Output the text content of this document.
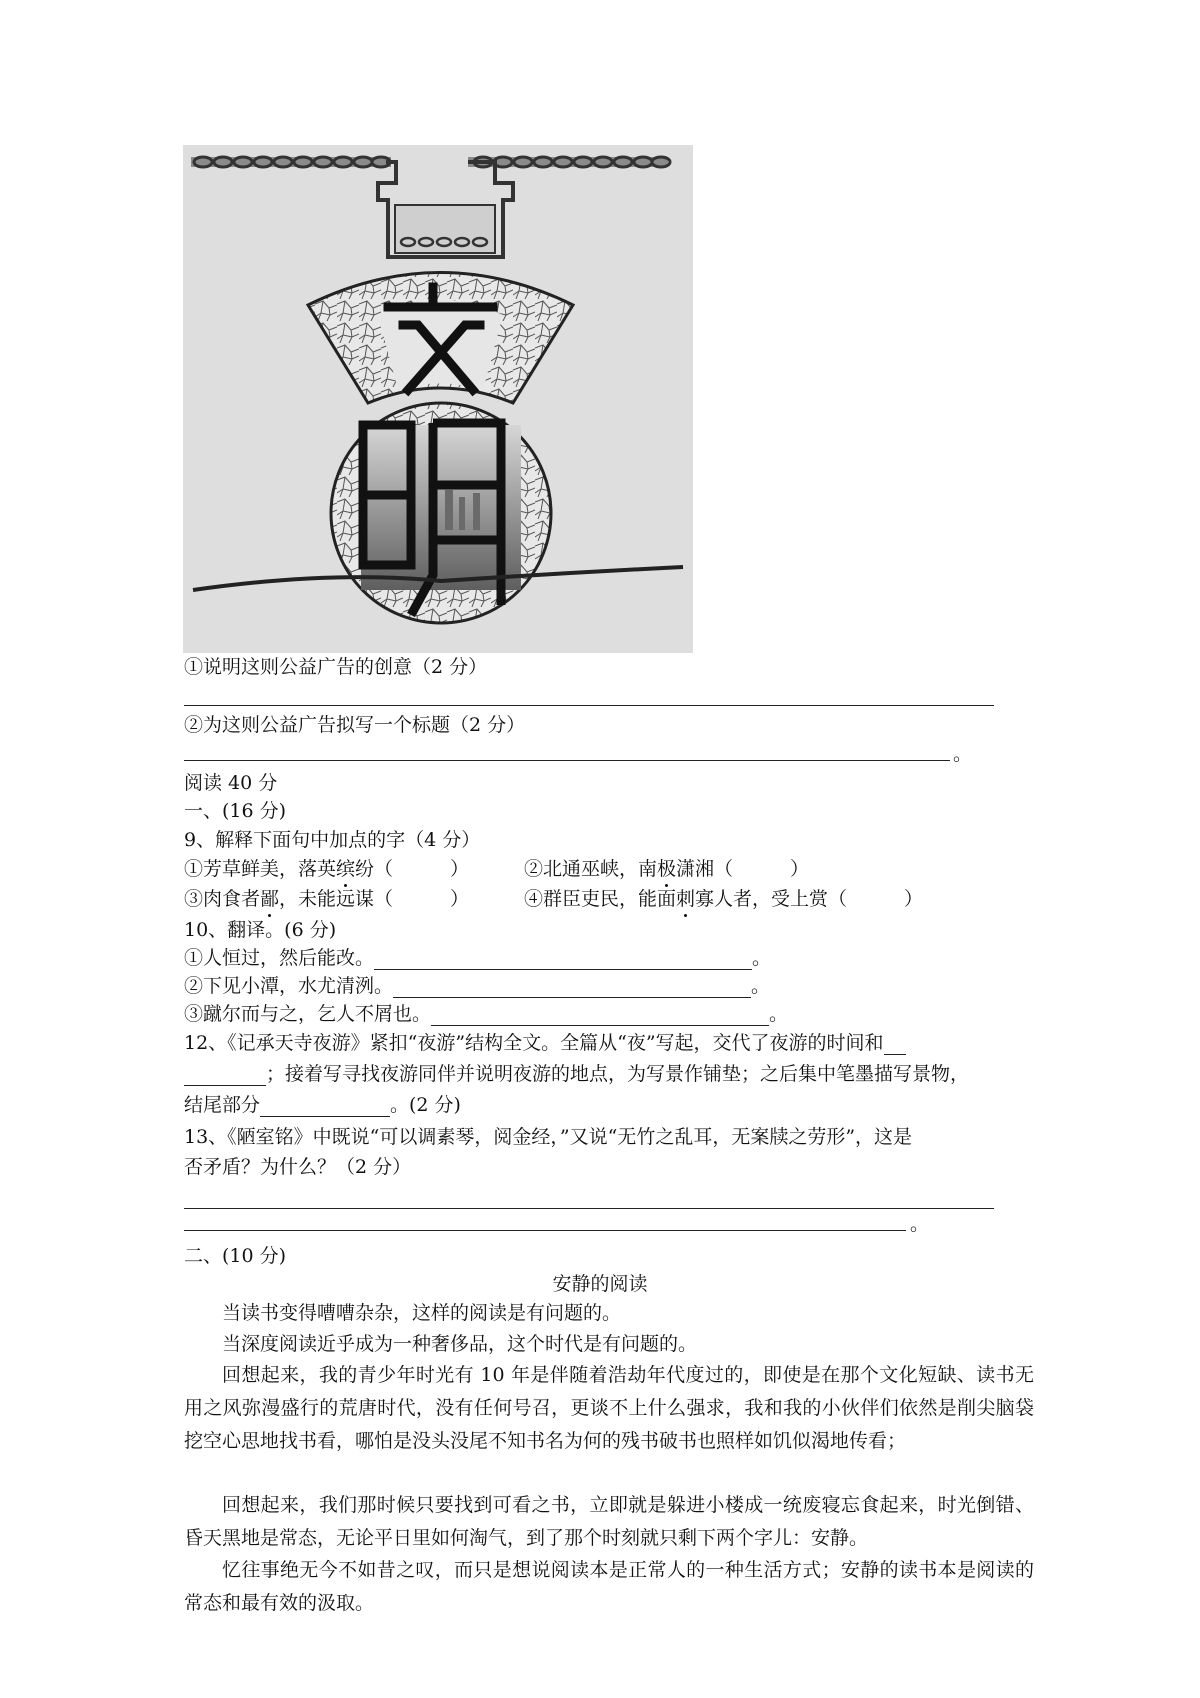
①说明这则公益广告的创意（2 分）
②为这则公益广告拟写一个标题（2 分）
。
阅读 40 分
一、(16 分)
9、解释下面句中加点的字（4 分）
①芳草鲜美，落英缤纷（　　　）	②北通巫峡，南极潇湘（　　　）
③肉食者鄙，未能远谋（　　　）	④群臣吏民，能面刺寡人者，受上赏（　　　）
10、翻译。(6 分)
①人恒过，然后能改。	。
②下见小潭，水尤清洌。	。
③蹴尔而与之，乞人不屑也。	。
12、《记承天寺夜游》紧扣“夜游”结构全文。全篇从“夜”写起，交代了夜游的时间和
；接着写寻找夜游同伴并说明夜游的地点，为写景作铺垫；之后集中笔墨描写景物，
结尾部分	。(2 分)
13、《陋室铭》中既说“可以调素琴，阅金经，”又说“无竹之乱耳，无案牍之劳形”，这是
否矛盾？为什么？（2 分）
。
二、(10 分)
安静的阅读
当读书变得嘈嘈杂杂，这样的阅读是有问题的。
当深度阅读近乎成为一种奢侈品，这个时代是有问题的。
回想起来，我的青少年时光有 10 年是伴随着浩劫年代度过的，即使是在那个文化短缺、读书无用之风弥漫盛行的荒唐时代，没有任何号召，更谈不上什么强求，我和我的小伙伴们依然是削尖脑袋挖空心思地找书看，哪怕是没头没尾不知书名为何的残书破书也照样如饥似渴地传看；
回想起来，我们那时候只要找到可看之书，立即就是躲进小楼成一统废寝忘食起来，时光倒错、昏天黑地是常态，无论平日里如何淘气，到了那个时刻就只剩下两个字儿：安静。
忆往事绝无今不如昔之叹，而只是想说阅读本是正常人的一种生活方式；安静的读书本是阅读的常态和最有效的汲取。
